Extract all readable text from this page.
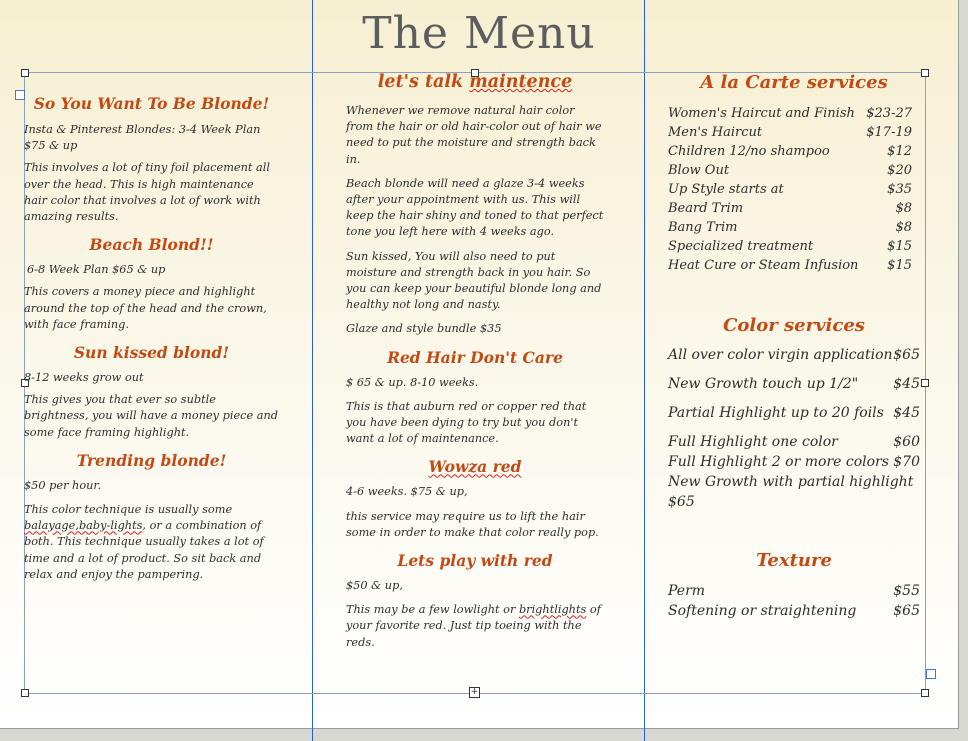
+
The Menu

So You Want To Be Blonde!

Insta & Pinterest Blondes: 3-4 Week Plan $75 & up

This involves a lot of tiny foil placement all over the head. This is high maintenance hair color that involves a lot of work with amazing results.

Beach Blond!!

6-8 Week Plan $65 & up

This covers a money piece and highlight around the top of the head and the crown, with face framing.

Sun kissed blond!

8-12 weeks grow out

This gives you that ever so subtle brightness, you will have a money piece and some face framing highlight.

Trending blonde!

$50 per hour.

This color technique is usually some balayage,baby-lights, or a combination of both. This technique usually takes a lot of time and a lot of product. So sit back and relax and enjoy the pampering.

let's talk maintence

Whenever we remove natural hair color from the hair or old hair-color out of hair we need to put the moisture and strength back in.

Beach blonde will need a glaze 3-4 weeks after your appointment with us. This will keep the hair shiny and toned to that perfect tone you left here with 4 weeks ago.

Sun kissed, You will also need to put moisture and strength back in you hair. So you can keep your beautiful blonde long and healthy not long and nasty.

Glaze and style bundle $35

Red Hair Don't Care

$ 65 & up. 8-10 weeks.

This is that auburn red or copper red that you have been dying to try but you don't want a lot of maintenance.

Wowza red

4-6 weeks. $75 & up,

this service may require us to lift the hair some in order to make that color really pop.

Lets play with red

$50 & up,

This may be a few lowlight or brightlights of your favorite red. Just tip toeing with the reds.

A la Carte services

Women's Haircut and Finish $23-27
Men's Haircut	$17-19
Children 12/no shampoo	$12
Blow Out	$20
Up Style starts at	$35
Beard Trim	$8
Bang Trim	$8
Specialized treatment	$15
Heat Cure or Steam Infusion $15

Color services

All over color virgin application $65
New Growth touch up 1/2"	$45
Partial Highlight up to 20 foils $45
Full Highlight one color	$60
Full Highlight 2 or more colors $70
New Growth with partial highlight
$65

Texture

Perm	$55
Softening or straightening	$65
